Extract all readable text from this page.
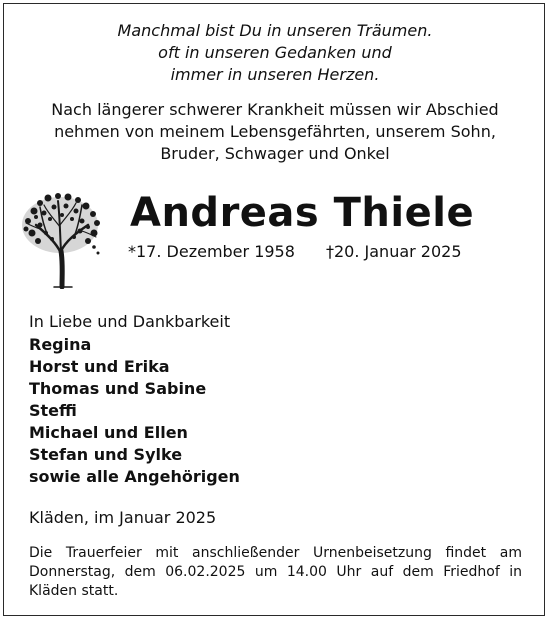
Manchmal bist Du in unseren Träumen.
oft in unseren Gedanken und
immer in unseren Herzen.
Nach längerer schwerer Krankheit müssen wir Abschied
nehmen von meinem Lebensgefährten, unserem Sohn,
Bruder, Schwager und Onkel
Andreas Thiele
*17. Dezember 1958 †20. Januar 2025
In Liebe und Dankbarkeit
Regina
Horst und Erika
Thomas und Sabine
Steffi
Michael und Ellen
Stefan und Sylke
sowie alle Angehörigen
Kläden, im Januar 2025
Die Trauerfeier mit anschließender Urnenbeisetzung findet am
Donnerstag, dem 06.02.2025 um 14.00 Uhr auf dem Friedhof in
Kläden statt.
